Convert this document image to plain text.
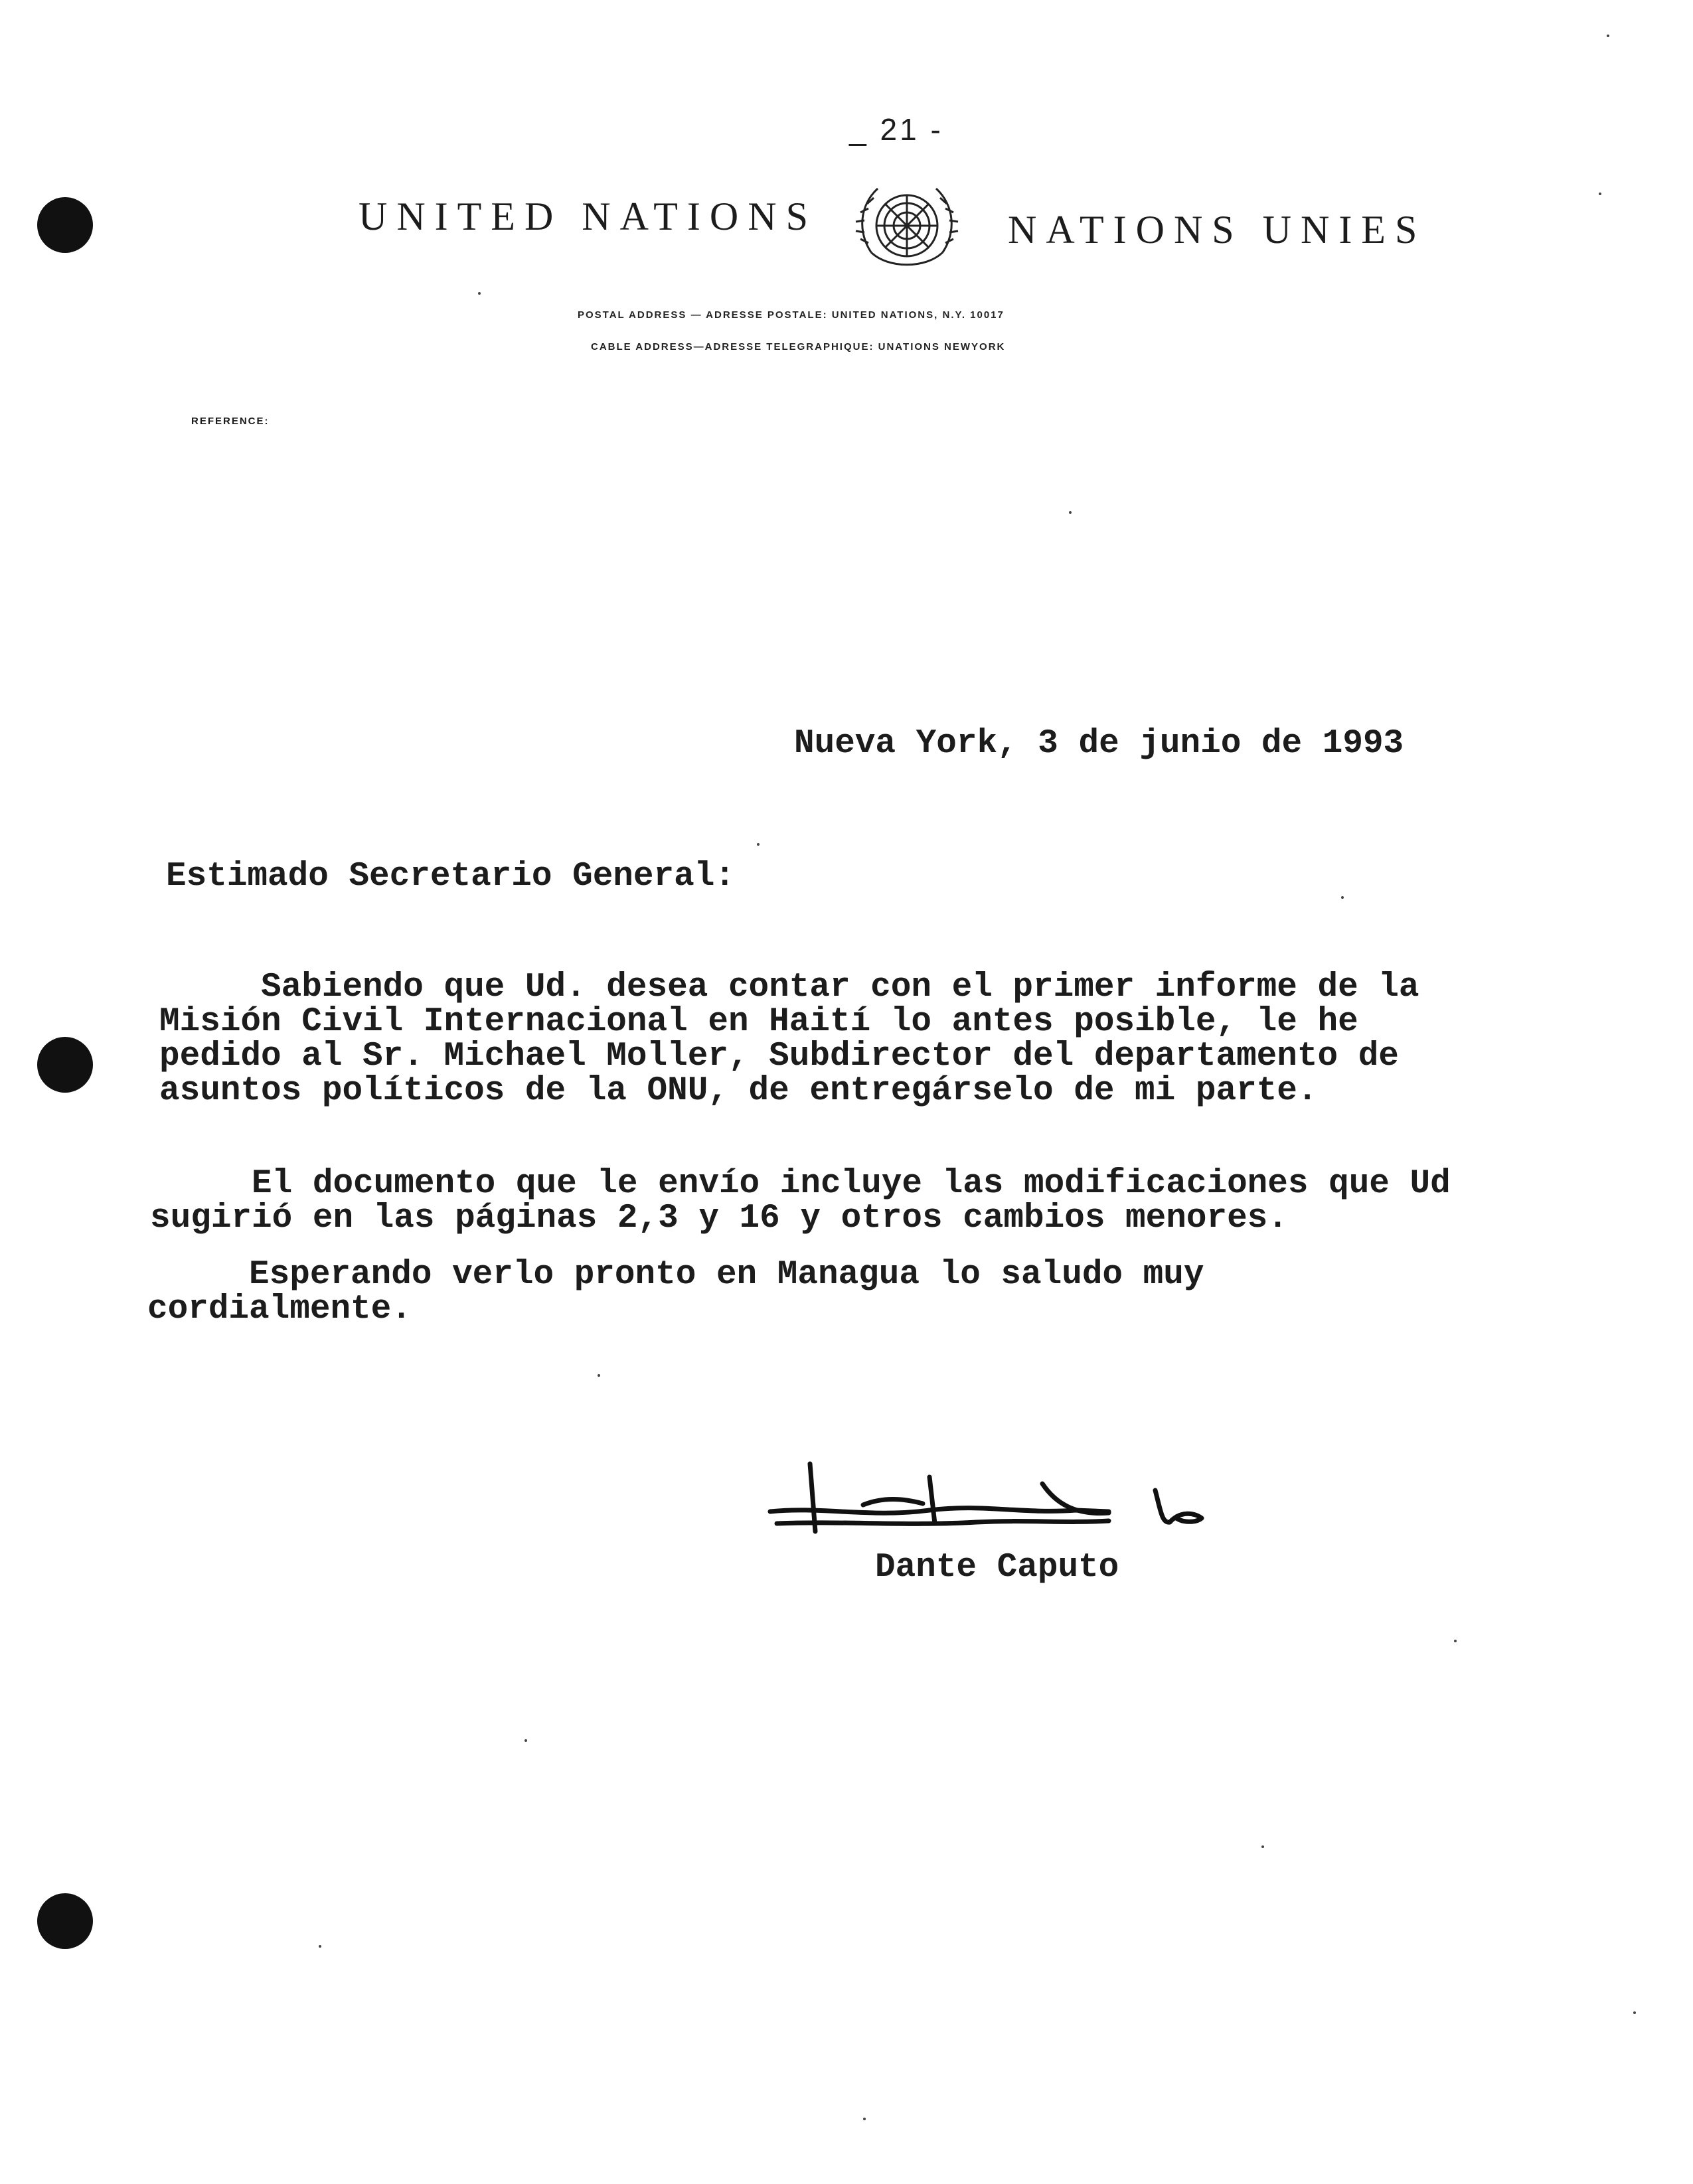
_ 21 -
UNITED NATIONS	NATIONS UNIES
POSTAL ADDRESS — ADRESSE POSTALE: UNITED NATIONS, N.Y. 10017
CABLE ADDRESS—ADRESSE TELEGRAPHIQUE: UNATIONS NEWYORK
REFERENCE:
Nueva York, 3 de junio de 1993
Estimado Secretario General:
Sabiendo que Ud. desea contar con el primer informe de la
Misión Civil Internacional en Haití lo antes posible, le he
pedido al Sr. Michael Moller, Subdirector del departamento de
asuntos políticos de la ONU, de entregárselo de mi parte.
El documento que le envío incluye las modificaciones que Ud
sugirió en las páginas 2,3 y 16 y otros cambios menores.
Esperando verlo pronto en Managua lo saludo muy
cordialmente.
Dante Caputo
